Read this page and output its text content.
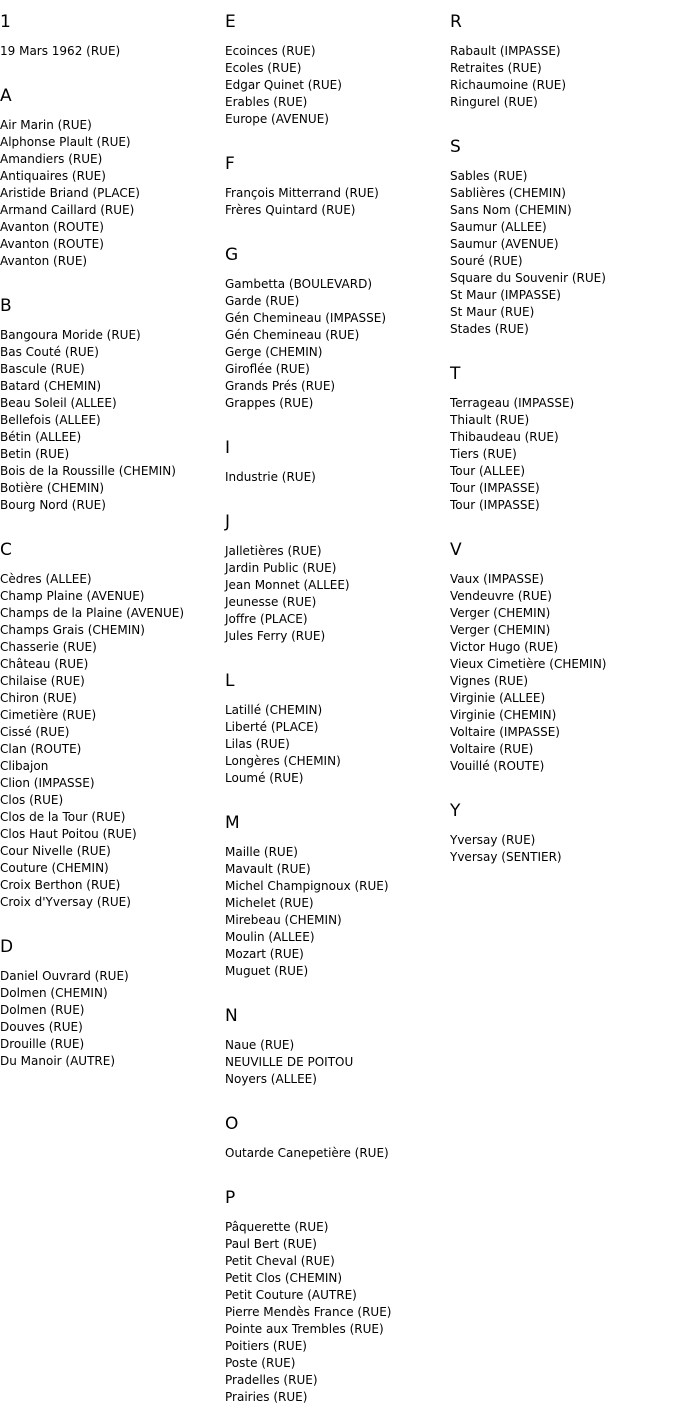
1
19 Mars 1962 (RUE)
A
Air Marin (RUE)
Alphonse Plault (RUE)
Amandiers (RUE)
Antiquaires (RUE)
Aristide Briand (PLACE)
Armand Caillard (RUE)
Avanton (ROUTE)
Avanton (ROUTE)
Avanton (RUE)
B
Bangoura Moride (RUE)
Bas Couté (RUE)
Bascule (RUE)
Batard (CHEMIN)
Beau Soleil (ALLEE)
Bellefois (ALLEE)
Bétin (ALLEE)
Betin (RUE)
Bois de la Roussille (CHEMIN)
Botière (CHEMIN)
Bourg Nord (RUE)
C
Cèdres (ALLEE)
Champ Plaine (AVENUE)
Champs de la Plaine (AVENUE)
Champs Grais (CHEMIN)
Chasserie (RUE)
Château (RUE)
Chilaise (RUE)
Chiron (RUE)
Cimetière (RUE)
Cissé (RUE)
Clan (ROUTE)
Clibajon
Clion (IMPASSE)
Clos (RUE)
Clos de la Tour (RUE)
Clos Haut Poitou (RUE)
Cour Nivelle (RUE)
Couture (CHEMIN)
Croix Berthon (RUE)
Croix d'Yversay (RUE)
D
Daniel Ouvrard (RUE)
Dolmen (CHEMIN)
Dolmen (RUE)
Douves (RUE)
Drouille (RUE)
Du Manoir (AUTRE)
E
Ecoinces (RUE)
Ecoles (RUE)
Edgar Quinet (RUE)
Erables (RUE)
Europe (AVENUE)
F
François Mitterrand (RUE)
Frères Quintard (RUE)
G
Gambetta (BOULEVARD)
Garde (RUE)
Gén Chemineau (IMPASSE)
Gén Chemineau (RUE)
Gerge (CHEMIN)
Giroflée (RUE)
Grands Prés (RUE)
Grappes (RUE)
I
Industrie (RUE)
J
Jalletières (RUE)
Jardin Public (RUE)
Jean Monnet (ALLEE)
Jeunesse (RUE)
Joffre (PLACE)
Jules Ferry (RUE)
L
Latillé (CHEMIN)
Liberté (PLACE)
Lilas (RUE)
Longères (CHEMIN)
Loumé (RUE)
M
Maille (RUE)
Mavault (RUE)
Michel Champignoux (RUE)
Michelet (RUE)
Mirebeau (CHEMIN)
Moulin (ALLEE)
Mozart (RUE)
Muguet (RUE)
N
Naue (RUE)
NEUVILLE DE POITOU
Noyers (ALLEE)
O
Outarde Canepetière (RUE)
P
Pâquerette (RUE)
Paul Bert (RUE)
Petit Cheval (RUE)
Petit Clos (CHEMIN)
Petit Couture (AUTRE)
Pierre Mendès France (RUE)
Pointe aux Trembles (RUE)
Poitiers (RUE)
Poste (RUE)
Pradelles (RUE)
Prairies (RUE)
R
Rabault (IMPASSE)
Retraites (RUE)
Richaumoine (RUE)
Ringurel (RUE)
S
Sables (RUE)
Sablières (CHEMIN)
Sans Nom (CHEMIN)
Saumur (ALLEE)
Saumur (AVENUE)
Souré (RUE)
Square du Souvenir (RUE)
St Maur (IMPASSE)
St Maur (RUE)
Stades (RUE)
T
Terrageau (IMPASSE)
Thiault (RUE)
Thibaudeau (RUE)
Tiers (RUE)
Tour (ALLEE)
Tour (IMPASSE)
Tour (IMPASSE)
V
Vaux (IMPASSE)
Vendeuvre (RUE)
Verger (CHEMIN)
Verger (CHEMIN)
Victor Hugo (RUE)
Vieux Cimetière (CHEMIN)
Vignes (RUE)
Virginie (ALLEE)
Virginie (CHEMIN)
Voltaire (IMPASSE)
Voltaire (RUE)
Vouillé (ROUTE)
Y
Yversay (RUE)
Yversay (SENTIER)
